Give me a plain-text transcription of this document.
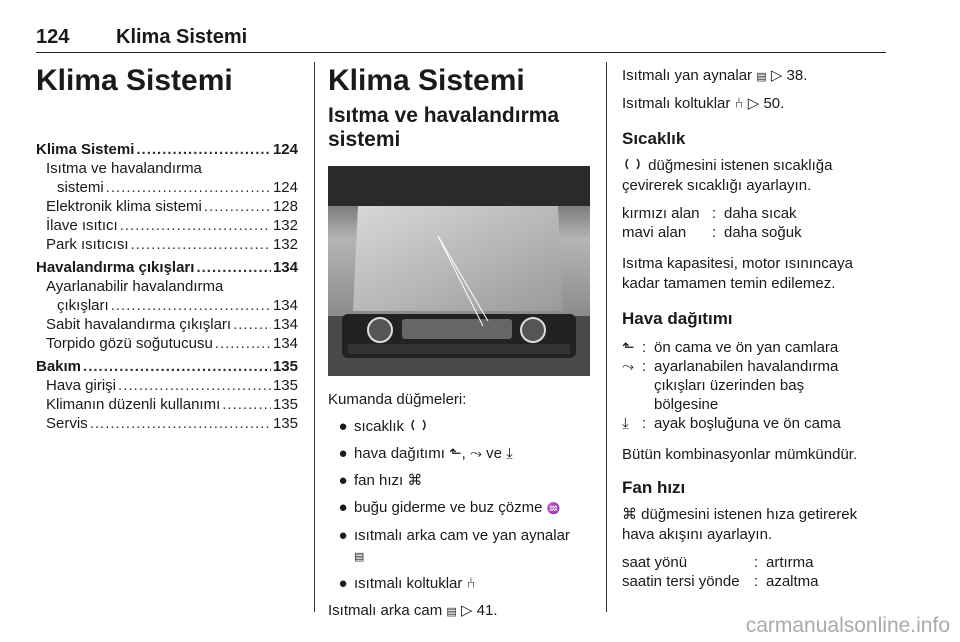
124 Klima Sistemi
Klima Sistemi
Klima Sistemi .....	124
Isıtma ve havalandırma
sistemi .....	124
Elektronik klima sistemi .....	128
İlave ısıtıcı .....	132
Park ısıtıcısı .....	132
Havalandırma çıkışları .....	134
Ayarlanabilir havalandırma
çıkışları .....	134
Sabit havalandırma çıkışları .....	134
Torpido gözü soğutucusu .....	134
Bakım .....	135
Hava girişi .....	135
Klimanın düzenli kullanımı .....	135
Servis .....	135
Klima Sistemi
Isıtma ve havalandırma
sistemi

Kumanda düğmeleri:

● sıcaklık
● hava dağıtımı ⬑, ⤳ ve ⤓
● fan hızı ⌘
● buğu giderme ve buz çözme ♒
● ısıtmalı arka cam ve yan aynalar
▤
● ısıtmalı koltuklar ⑃

Isıtmalı arka cam ▤ ▷ 41.

Isıtmalı yan aynalar ▤ ▷ 38.

Isıtmalı koltuklar ⑃ ▷ 50.

Sıcaklık

düğmesini istenen sıcaklığa
çevirerek sıcaklığı ayarlayın.

kırmızı alan : daha sıcak
mavi alan	: daha soğuk

Isıtma kapasitesi, motor ısınıncaya
kadar tamamen temin edilemez.

Hava dağıtımı
⬑ : ön cama ve ön yan camlara
⤳ : ayarlanabilen havalandırma
çıkışları üzerinden baş
bölgesine
⤓ : ayak boşluğuna ve ön cama

Bütün kombinasyonlar mümkündür.

Fan hızı

⌘ düğmesini istenen hıza getirerek
hava akışını ayarlayın.

saat yönü	: artırma
saatin tersi yönde : azaltma
carmanualsonline.info
